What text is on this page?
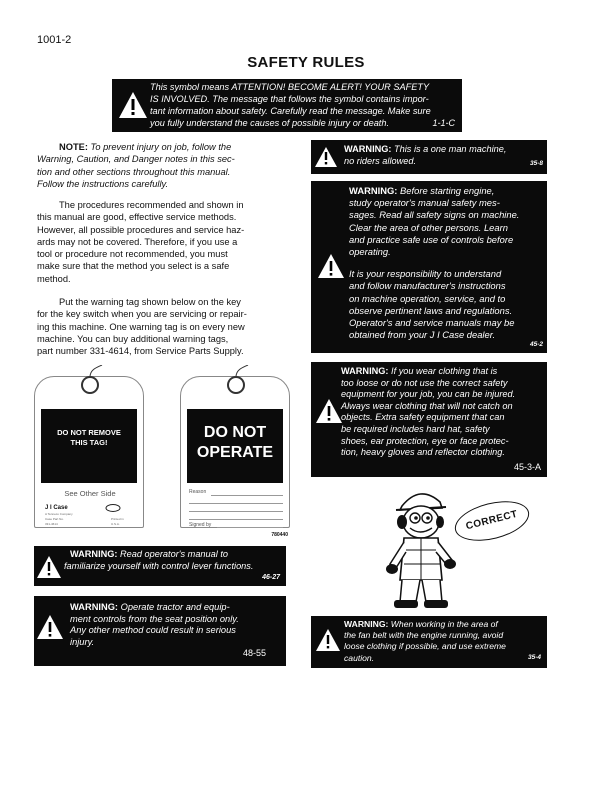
1001-2
SAFETY RULES
This symbol means ATTENTION! BECOME ALERT! YOUR SAFETY
IS INVOLVED. The message that follows the symbol contains impor-
tant information about safety. Carefully read the message. Make sure
you fully understand the causes of possible injury or death.	1-1-C
NOTE: To prevent injury on job, follow the
Warning, Caution, and Danger notes in this sec-
tion and other sections throughout this manual.
Follow the instructions carefully.
The procedures recommended and shown in
this manual are good, effective service methods.
However, all possible procedures and service haz-
ards may not be covered. Therefore, if you use a
tool or procedure not recommended, you must
make sure that the method you select is a safe
method.
Put the warning tag shown below on the key
for the key switch when you are servicing or repair-
ing this machine. One warning tag is on every new
machine. You can buy additional warning tags,
part number 331-4614, from Service Parts Supply.
DO NOT REMOVE
THIS TAG!
See Other Side
J I Case
A Tenneco Company
Case Part No.
331-4614
Printed in
U.S.A.
DO NOT
OPERATE
Reason
Signed by
780440
WARNING: Read operator's manual to
familiarize yourself with control lever functions.
46-27
WARNING: Operate tractor and equip-
ment controls from the seat position only.
Any other method could result in serious
injury.
48-55
WARNING: This is a one man machine,
no riders allowed.	35-8
WARNING: Before starting engine,
study operator's manual safety mes-
sages. Read all safety signs on machine.
Clear the area of other persons. Learn
and practice safe use of controls before
operating.
It is your responsibility to understand
and follow manufacturer's instructions
on machine operation, service, and to
observe pertinent laws and regulations.
Operator's and service manuals may be
obtained from your J I Case dealer.
45-2
WARNING: If you wear clothing that is
too loose or do not use the correct safety
equipment for your job, you can be injured.
Always wear clothing that will not catch on
objects. Extra safety equipment that can
be required includes hard hat, safety
shoes, ear protection, eye or face protec-
tion, heavy gloves and reflector clothing.
45-3-A
CORRECT
WARNING: When working in the area of
the fan belt with the engine running, avoid
loose clothing if possible, and use extreme
caution.	35-4
